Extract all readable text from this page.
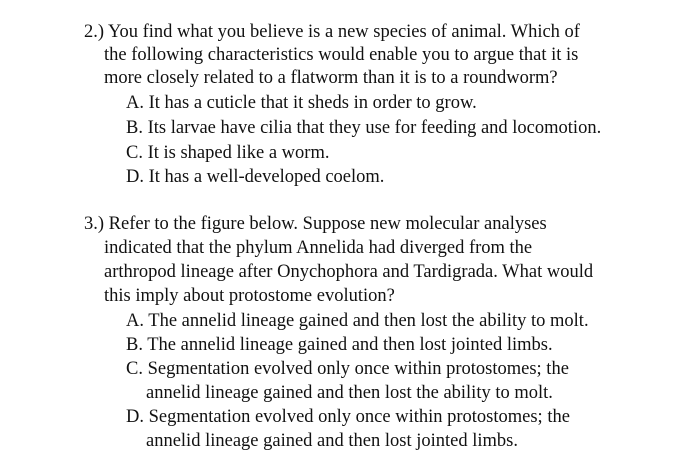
2.) You find what you believe is a new species of animal. Which of
the following characteristics would enable you to argue that it is
more closely related to a flatworm than it is to a roundworm?
A. It has a cuticle that it sheds in order to grow.
B. Its larvae have cilia that they use for feeding and locomotion.
C. It is shaped like a worm.
D. It has a well-developed coelom.
3.) Refer to the figure below. Suppose new molecular analyses
indicated that the phylum Annelida had diverged from the
arthropod lineage after Onychophora and Tardigrada. What would
this imply about protostome evolution?
A. The annelid lineage gained and then lost the ability to molt.
B. The annelid lineage gained and then lost jointed limbs.
C. Segmentation evolved only once within protostomes; the
annelid lineage gained and then lost the ability to molt.
D. Segmentation evolved only once within protostomes; the
annelid lineage gained and then lost jointed limbs.
